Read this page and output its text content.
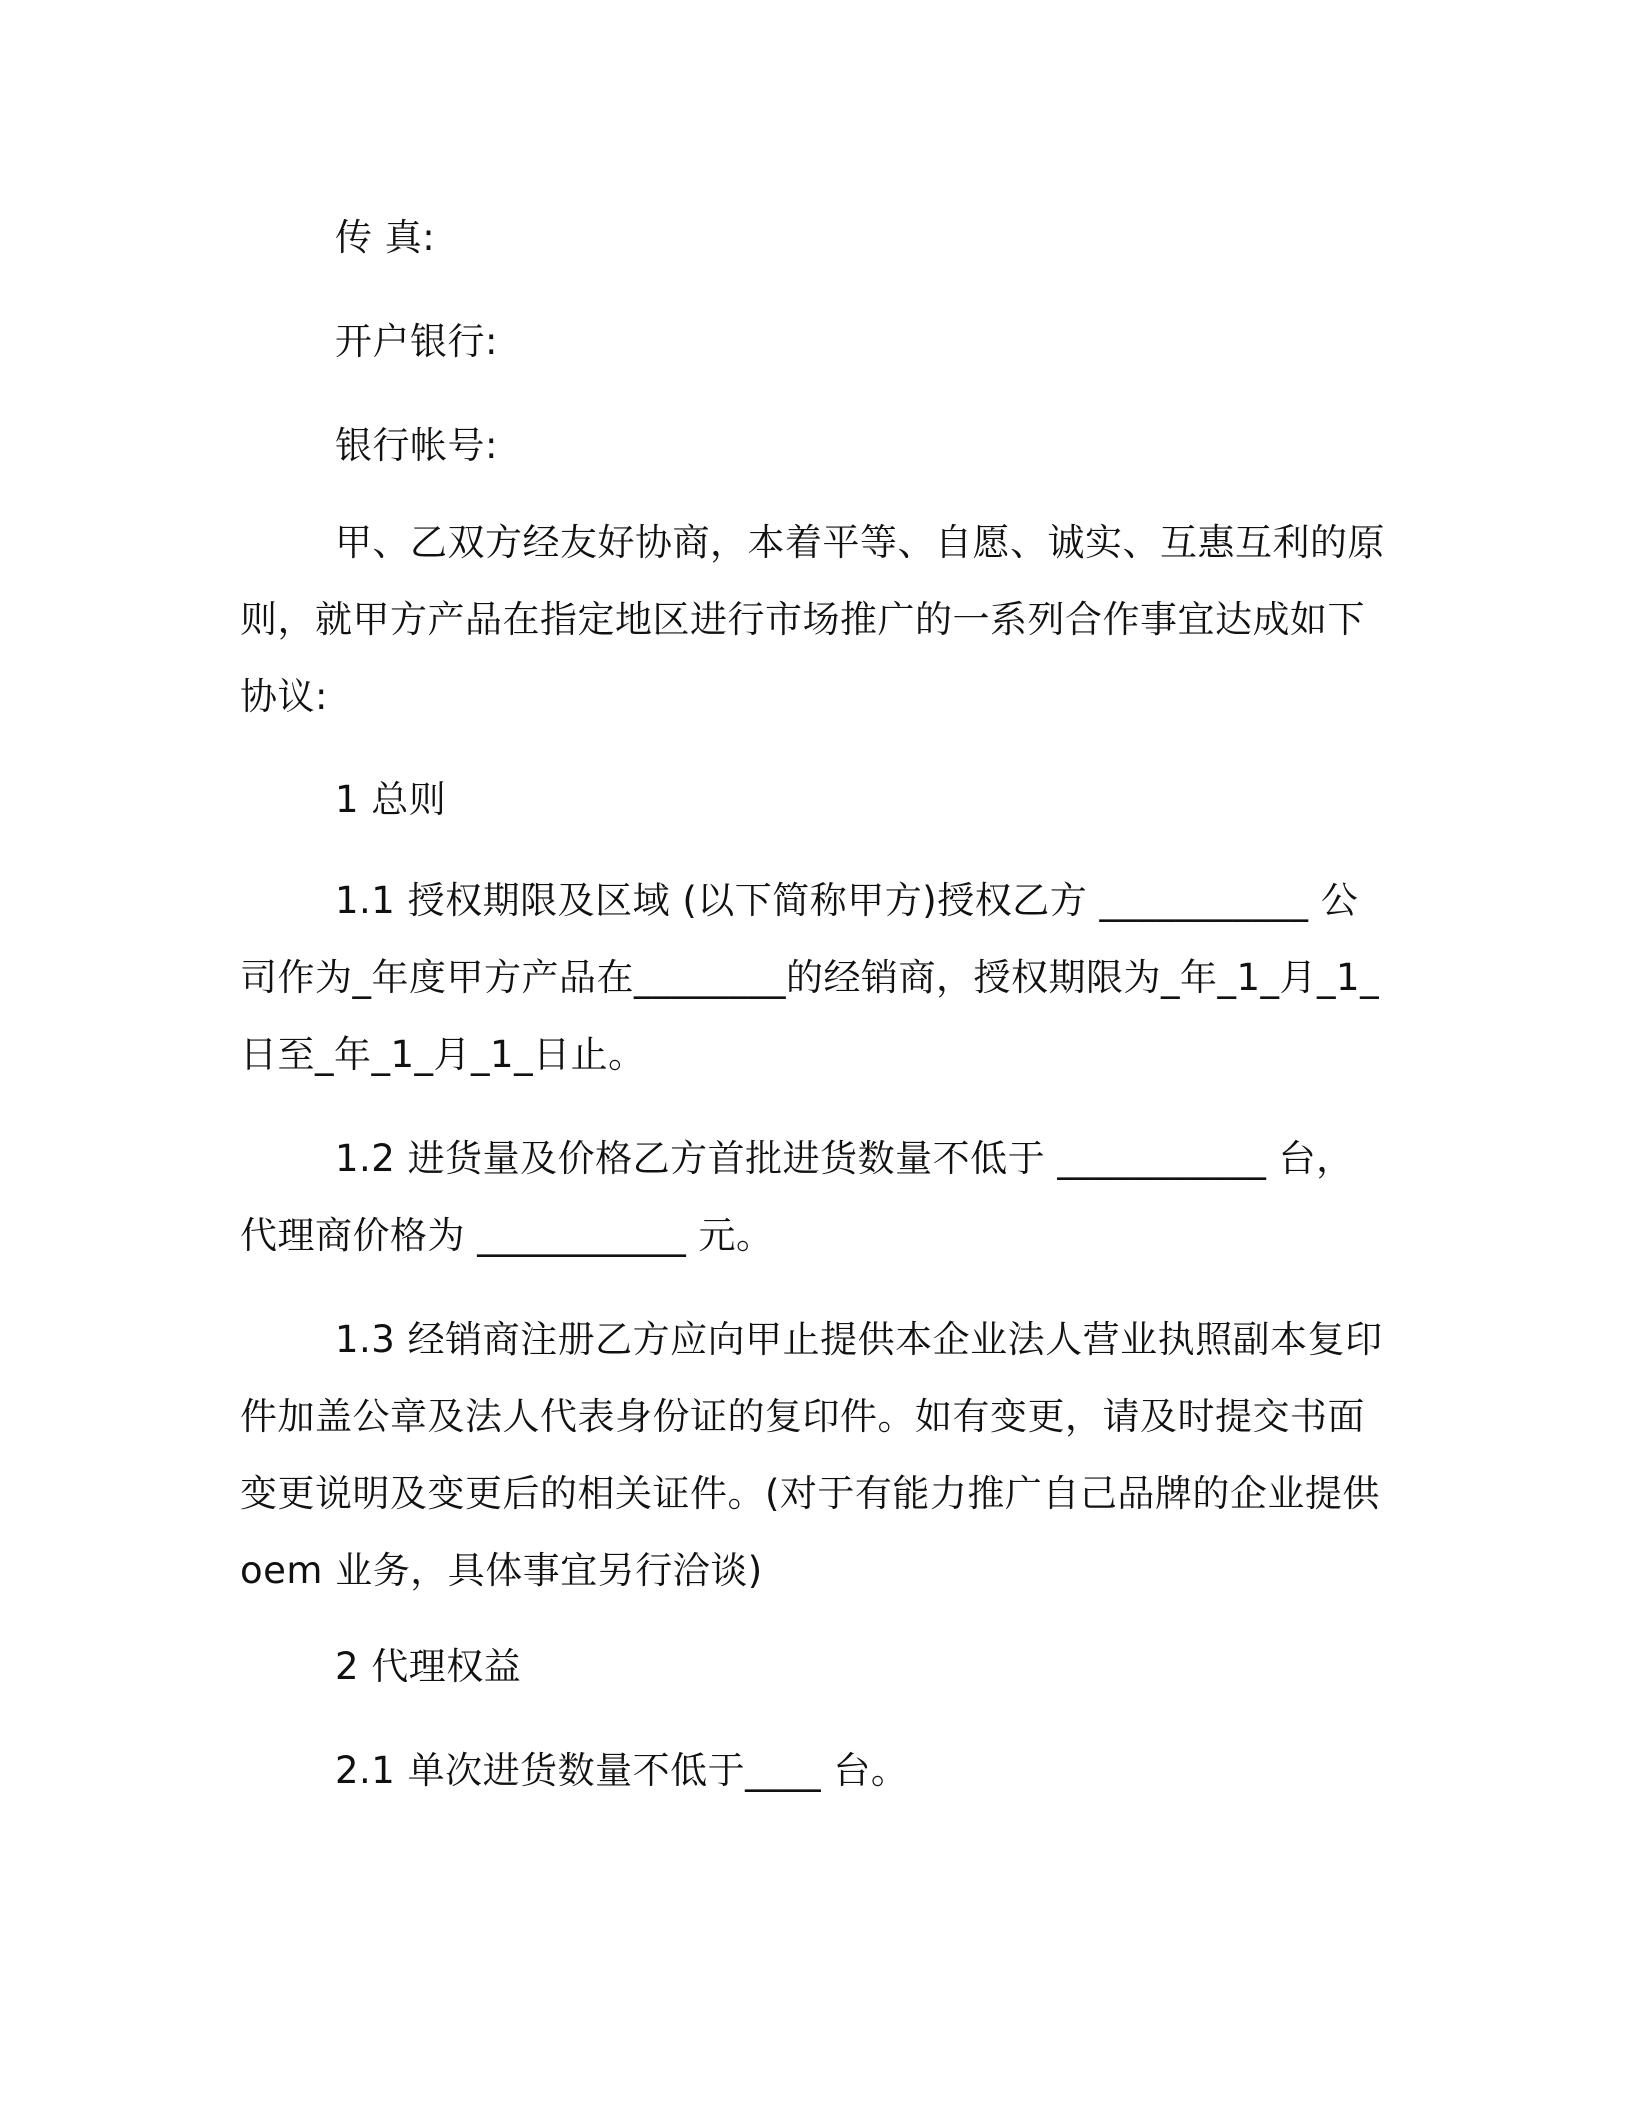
传 真:

开户银行:

银行帐号:

甲、乙双方经友好协商，本着平等、自愿、诚实、互惠互利的原则，就甲方产品在指定地区进行市场推广的一系列合作事宜达成如下协议:

1 总则

1.1 授权期限及区域 (以下简称甲方)授权乙方 ___________ 公司作为_年度甲方产品在________的经销商，授权期限为_年_1_月_1_日至_年_1_月_1_日止。

1.2 进货量及价格乙方首批进货数量不低于 ___________ 台，代理商价格为 ___________ 元。

1.3 经销商注册乙方应向甲止提供本企业法人营业执照副本复印件加盖公章及法人代表身份证的复印件。如有变更，请及时提交书面变更说明及变更后的相关证件。(对于有能力推广自己品牌的企业提供oem 业务，具体事宜另行洽谈)

2 代理权益

2.1 单次进货数量不低于____ 台。
